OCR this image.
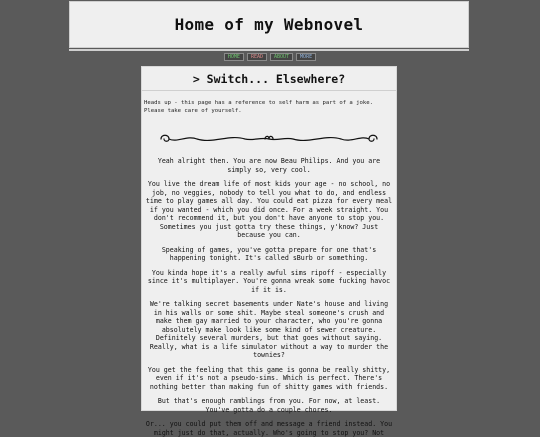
Home of my Webnovel
HOME	READ	ABOUT	MORE
> Switch... Elsewhere?
Heads up - this page has a reference to self harm as part of a joke. Please take care of yourself.

Yeah alright then. You are now Beau Philips. And you are simply so, very cool.

You live the dream life of most kids your age - no school, no job, no veggies, nobody to tell you what to do, and endless time to play games all day. You could eat pizza for every meal if you wanted - which you did once. For a week straight. You don't recommend it, but you don't have anyone to stop you. Sometimes you just gotta try these things, y'know? Just because you can.

Speaking of games, you've gotta prepare for one that's happening tonight. It's called sBurb or something.

You kinda hope it's a really awful sims ripoff - especially since it's multiplayer. You're gonna wreak some fucking havoc if it is.

We're talking secret basements under Nate's house and living in his walls or some shit. Maybe steal someone's crush and make them gay married to your character, who you're gonna absolutely make look like some kind of sewer creature. Definitely several murders, but that goes without saying. Really, what is a life simulator without a way to murder the townies?

You get the feeling that this game is gonna be really shitty, even if it's not a pseudo-sims. Which is perfect. There's nothing better than making fun of shitty games with friends.

But that's enough ramblings from you. For now, at least. You've gotta do a couple chores.

Or... you could put them off and message a friend instead. You might just do that, actually. Who's going to stop you? Not
